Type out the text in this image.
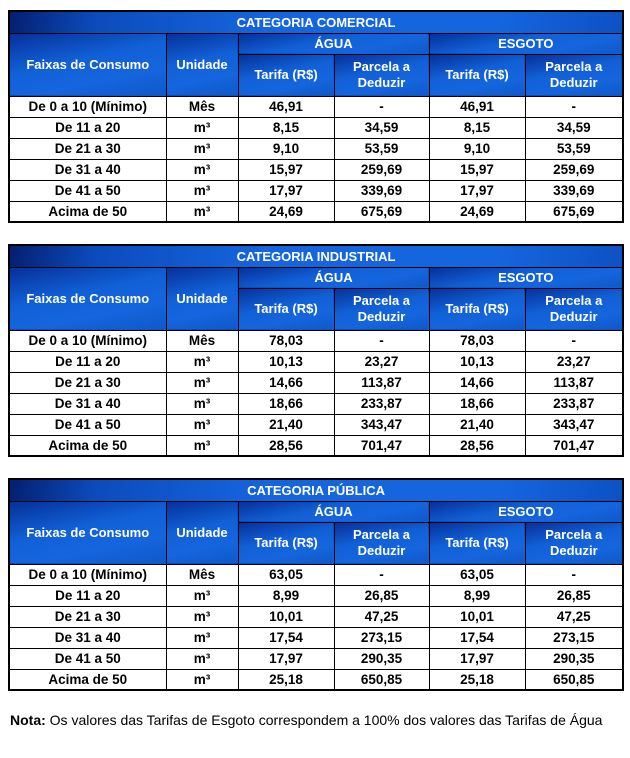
CATEGORIA COMERCIAL					
Faixas de Consumo	Unidade	ÁGUA		ESGOTO	
		Tarifa (R$)	Parcela a Deduzir	Tarifa (R$)	Parcela a Deduzir
De 0 a 10 (Mínimo)	Mês	46,91	-	46,91	-
De 11 a 20	m³	8,15	34,59	8,15	34,59
De 21 a 30	m³	9,10	53,59	9,10	53,59
De 31 a 40	m³	15,97	259,69	15,97	259,69
De 41 a 50	m³	17,97	339,69	17,97	339,69
Acima de 50	m³	24,69	675,69	24,69	675,69
CATEGORIA INDUSTRIAL					
Faixas de Consumo	Unidade	ÁGUA		ESGOTO	
		Tarifa (R$)	Parcela a Deduzir	Tarifa (R$)	Parcela a Deduzir
De 0 a 10 (Mínimo)	Mês	78,03	-	78,03	-
De 11 a 20	m³	10,13	23,27	10,13	23,27
De 21 a 30	m³	14,66	113,87	14,66	113,87
De 31 a 40	m³	18,66	233,87	18,66	233,87
De 41 a 50	m³	21,40	343,47	21,40	343,47
Acima de 50	m³	28,56	701,47	28,56	701,47
CATEGORIA PÚBLICA					
Faixas de Consumo	Unidade	ÁGUA		ESGOTO	
		Tarifa (R$)	Parcela a Deduzir	Tarifa (R$)	Parcela a Deduzir
De 0 a 10 (Mínimo)	Mês	63,05	-	63,05	-
De 11 a 20	m³	8,99	26,85	8,99	26,85
De 21 a 30	m³	10,01	47,25	10,01	47,25
De 31 a 40	m³	17,54	273,15	17,54	273,15
De 41 a 50	m³	17,97	290,35	17,97	290,35
Acima de 50	m³	25,18	650,85	25,18	650,85

Nota: Os valores das Tarifas de Esgoto correspondem a 100% dos valores das Tarifas de Água
